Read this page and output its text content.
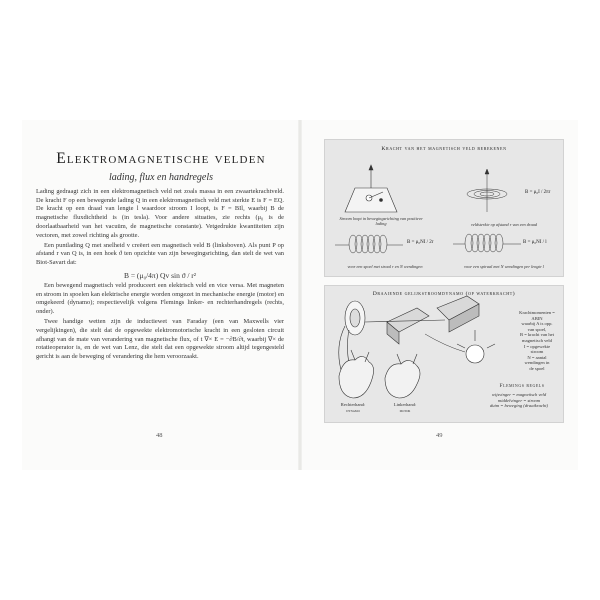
Elektromagnetische velden
lading, flux en handregels

Lading gedraagt zich in een elektromagnetisch veld net zoals massa in een zwaartekrachtveld. De kracht F op een bewegende lading Q in een elektromagnetisch veld met sterkte E is F = EQ. De kracht op een draad van lengte l waardoor stroom I loopt, is F = BIl, waarbij B de magnetische fluxdichtheid is (in tesla). Voor andere situaties, zie rechts (μ₀ is de doorlaatbaarheid van het vacuüm, de magnetische constante). Vetgedrukte kwantiteiten zijn vectoren, met zowel richting als grootte.

Een puntlading Q met snelheid v creëert een magnetisch veld B (linksboven). Als punt P op afstand r van Q is, in een hoek ϑ ten opzichte van zijn bewegingsrichting, dan stelt de wet van Biot-Savart dat:

B = (μ₀/4π) Qv sin ϑ / r²

Een bewegend magnetisch veld produceert een elektrisch veld en vice versa. Met magneten en stroom in spoelen kan elektrische energie worden omgezet in mechanische energie (motor) en omgekeerd (dynamo); respectievelijk volgens Flemings linker- en rechterhandregels (rechts, onder).

Twee handige wetten zijn de inductiewet van Faraday (een van Maxwells vier vergelijkingen), die stelt dat de opgewekte elektromotorische kracht in een gesloten circuit afhangt van de mate van verandering van magnetische flux, of t ∇× E = −∂B/∂t, waarbij ∇× de rotatieoperator is, en de wet van Lenz, die stelt dat een opgewekte stroom altijd tegengesteld gericht is aan de beweging of verandering die hem veroorzaakt.

48
Kracht van het magnetisch veld berekenen
B = μ₀I / 2πr
B = μ₀NI / 2r	B = μ₀NI / l
Stroom loopt in bewegingsrichting van positieve lading	veldsterkte op afstand r van een draad
voor een spoel met straal r en N wendingen	voor een spiraal met N wendingen per lengte l
Draaiende gelijkstroomdynamo (op waterkracht)
Krachtmomenten =
ABIN
waarbij A is opp.
van spoel,
B = kracht van het
magnetisch veld
I = opgewekte
stroom
N = aantal
wendingen in
de spoel
Flemings regels
wijsvinger = magnetisch veld
middelvinger = stroom
duim = beweging (draaikracht)
Rechterhand:
dynamo
Linkerhand:
motor
49
